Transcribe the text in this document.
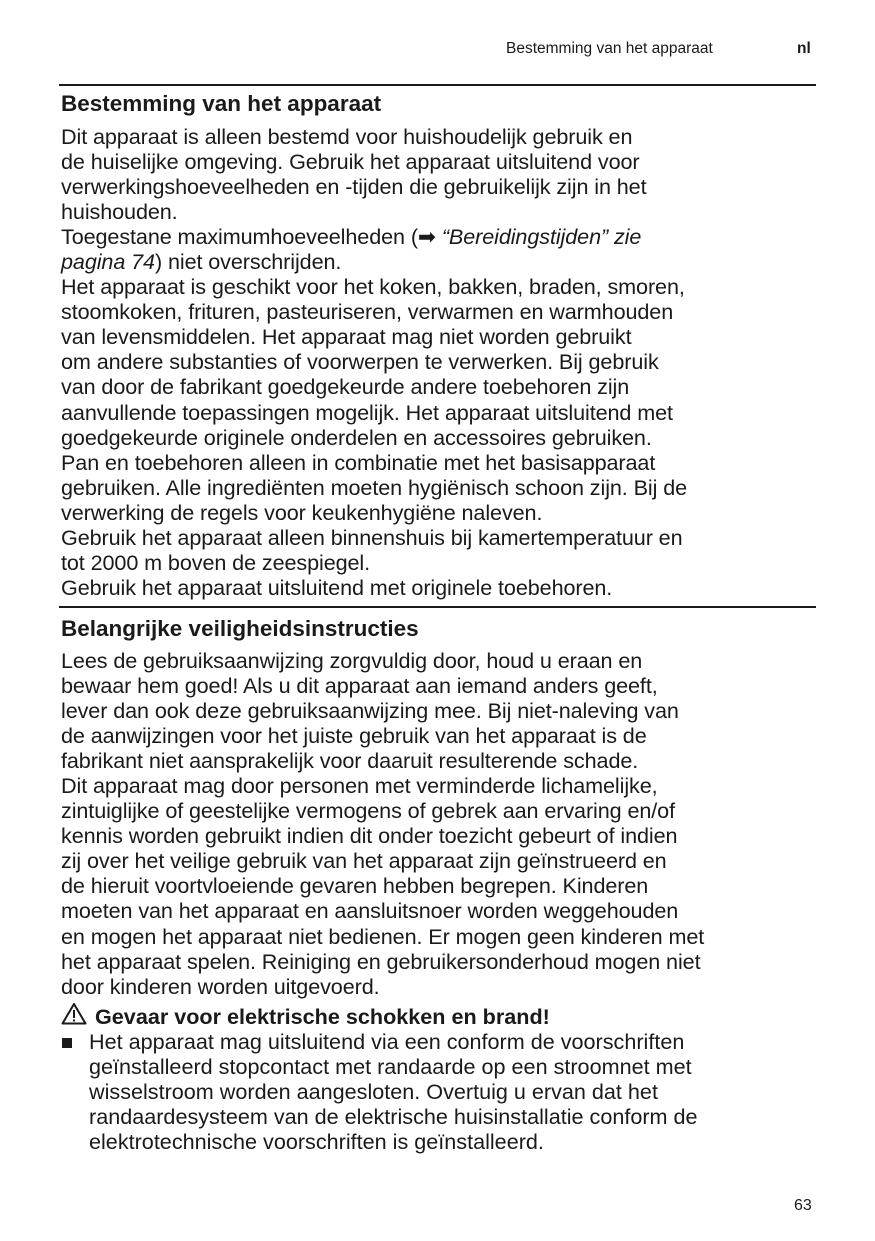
Bestemming van het apparaat	nl
Bestemming van het apparaat
Dit apparaat is alleen bestemd voor huishoudelijk gebruik en
de huiselijke omgeving. Gebruik het apparaat uitsluitend voor
verwerkingshoeveelheden en -tijden die gebruikelijk zijn in het
huishouden.
Toegestane maximumhoeveelheden (➡ “Bereidingstijden” zie
pagina 74) niet overschrijden.
Het apparaat is geschikt voor het koken, bakken, braden, smoren,
stoomkoken, frituren, pasteuriseren, verwarmen en warmhouden
van levensmiddelen. Het apparaat mag niet worden gebruikt
om andere substanties of voorwerpen te verwerken. Bij gebruik
van door de fabrikant goedgekeurde andere toebehoren zijn
aanvullende toepassingen mogelijk. Het apparaat uitsluitend met
goedgekeurde originele onderdelen en accessoires gebruiken.
Pan en toebehoren alleen in combinatie met het basisapparaat
gebruiken. Alle ingrediënten moeten hygiënisch schoon zijn. Bij de
verwerking de regels voor keukenhygiëne naleven.
Gebruik het apparaat alleen binnenshuis bij kamertemperatuur en
tot 2000 m boven de zeespiegel.
Gebruik het apparaat uitsluitend met originele toebehoren.
Belangrijke veiligheidsinstructies
Lees de gebruiksaanwijzing zorgvuldig door, houd u eraan en
bewaar hem goed! Als u dit apparaat aan iemand anders geeft,
lever dan ook deze gebruiksaanwijzing mee. Bij niet-naleving van
de aanwijzingen voor het juiste gebruik van het apparaat is de
fabrikant niet aansprakelijk voor daaruit resulterende schade.
Dit apparaat mag door personen met verminderde lichamelijke,
zintuiglijke of geestelijke vermogens of gebrek aan ervaring en/of
kennis worden gebruikt indien dit onder toezicht gebeurt of indien
zij over het veilige gebruik van het apparaat zijn geïnstrueerd en
de hieruit voortvloeiende gevaren hebben begrepen. Kinderen
moeten van het apparaat en aansluitsnoer worden weggehouden
en mogen het apparaat niet bedienen. Er mogen geen kinderen met
het apparaat spelen. Reiniging en gebruikersonderhoud mogen niet
door kinderen worden uitgevoerd.
Gevaar voor elektrische schokken en brand!
Het apparaat mag uitsluitend via een conform de voorschriften
geïnstalleerd stopcontact met randaarde op een stroomnet met
wisselstroom worden aangesloten. Overtuig u ervan dat het
randaardesysteem van de elektrische huisinstallatie conform de
elektrotechnische voorschriften is geïnstalleerd.
63
